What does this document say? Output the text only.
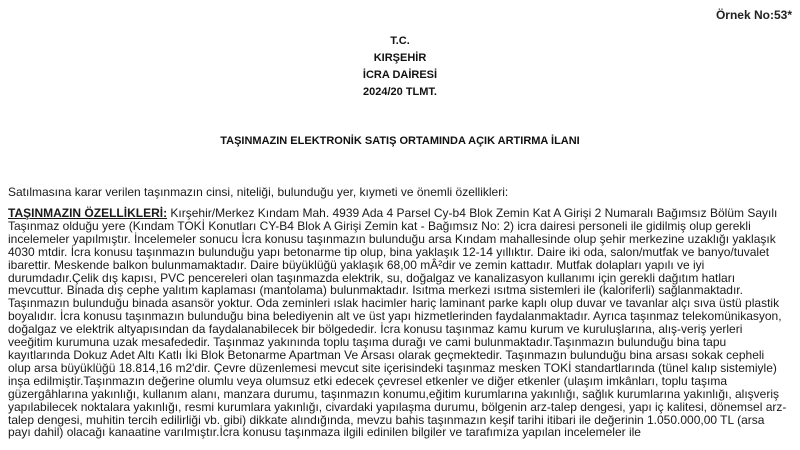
Örnek No:53*
T.C.
KIRŞEHİR
İCRA DAİRESİ
2024/20 TLMT.
TAŞINMAZIN ELEKTRONİK SATIŞ ORTAMINDA AÇIK ARTIRMA İLANI
Satılmasına karar verilen taşınmazın cinsi, niteliği, bulunduğu yer, kıymeti ve önemli özellikleri:
TAŞINMAZIN ÖZELLİKLERİ: Kırşehir/Merkez Kındam Mah. 4939 Ada 4 Parsel Cy-b4 Blok Zemin Kat A Girişi 2 Numaralı Bağımsız Bölüm Sayılı Taşınmaz olduğu yere (Kındam TOKİ Konutları CY-B4 Blok A Girişi Zemin kat - Bağımsız No: 2) icra dairesi personeli ile gidilmiş olup gerekli incelemeler yapılmıştır. İncelemeler sonucu İcra konusu taşınmazın bulunduğu arsa Kındam mahallesinde olup şehir merkezine uzaklığı yaklaşık 4030 mtdir. İcra konusu taşınmazın bulunduğu yapı betonarme tip olup, bina yaklaşık 12-14 yıllıktır. Daire iki oda, salon/mutfak ve banyo/tuvalet ibarettir. Meskende balkon bulunmamaktadır. Daire büyüklüğü yaklaşık 68,00 mÂ²dir ve zemin kattadır. Mutfak dolapları yapılı ve iyi durumdadır.Çelik dış kapısı, PVC pencereleri olan taşınmazda elektrik, su, doğalgaz ve kanalizasyon kullanımı için gerekli dağıtım hatları mevcuttur. Binada dış cephe yalıtım kaplaması (mantolama) bulunmaktadır. Isıtma merkezi ısıtma sistemleri ile (kaloriferli) sağlanmaktadır. Taşınmazın bulunduğu binada asansör yoktur. Oda zeminleri ıslak hacimler hariç laminant parke kaplı olup duvar ve tavanlar alçı sıva üstü plastik boyalıdır. İcra konusu taşınmazın bulunduğu bina belediyenin alt ve üst yapı hizmetlerinden faydalanmaktadır. Ayrıca taşınmaz telekomünikasyon, doğalgaz ve elektrik altyapısından da faydalanabilecek bir bölgededir. İcra konusu taşınmaz kamu kurum ve kuruluşlarına, alış-veriş yerleri veeğitim kurumuna uzak mesafededir. Taşınmaz yakınında toplu taşıma durağı ve cami bulunmaktadır.Taşınmazın bulunduğu bina tapu kayıtlarında Dokuz Adet Altı Katlı İki Blok Betonarme Apartman Ve Arsası olarak geçmektedir. Taşınmazın bulunduğu bina arsası sokak cepheli olup arsa büyüklüğü 18.814,16 m2'dir. Çevre düzenlemesi mevcut site içerisindeki taşınmaz mesken TOKİ standartlarında (tünel kalıp sistemiyle) inşa edilmiştir.Taşınmazın değerine olumlu veya olumsuz etki edecek çevresel etkenler ve diğer etkenler (ulaşım imkânları, toplu taşıma güzergâhlarına yakınlığı, kullanım alanı, manzara durumu, taşınmazın konumu,eğitim kurumlarına yakınlığı, sağlık kurumlarına yakınlığı, alışveriş yapılabilecek noktalara yakınlığı, resmi kurumlara yakınlığı, civardaki yapılaşma durumu, bölgenin arz-talep dengesi, yapı iç kalitesi, dönemsel arz-talep dengesi, muhitin tercih edilirliği vb. gibi) dikkate alındığında, mevzu bahis taşınmazın keşif tarihi itibari ile değerinin 1.050.000,00 TL (arsa payı dahil) olacağı kanaatine varılmıştır.İcra konusu taşınmaza ilgili edinilen bilgiler ve tarafımıza yapılan incelemeler ile
